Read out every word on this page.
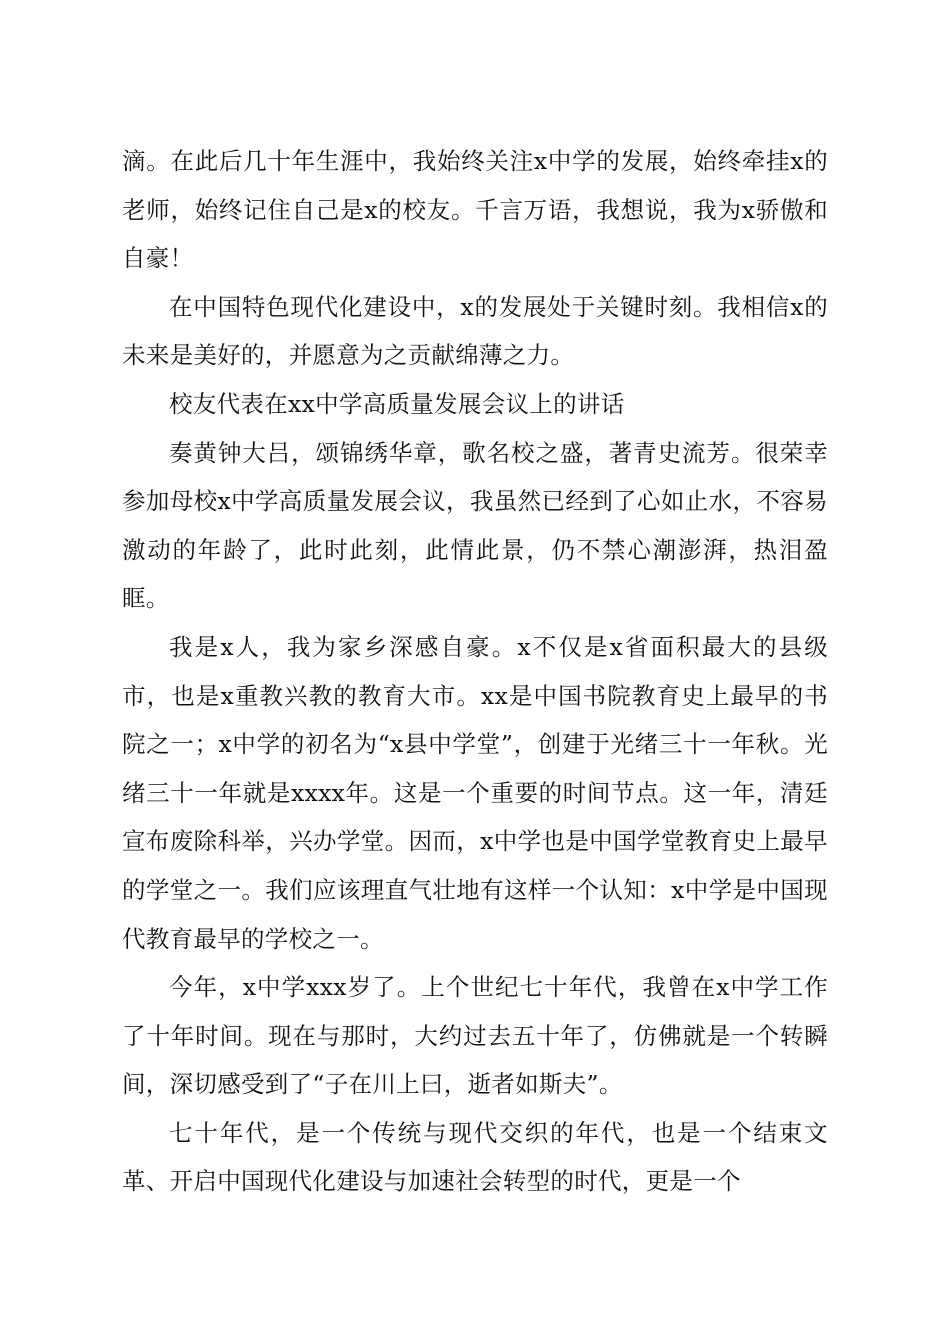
滴。在此后几十年生涯中，我始终关注x中学的发展，始终牵挂x的老师，始终记住自己是x的校友。千言万语，我想说，我为x骄傲和自豪！

在中国特色现代化建设中，x的发展处于关键时刻。我相信x的未来是美好的，并愿意为之贡献绵薄之力。

校友代表在xx中学高质量发展会议上的讲话

奏黄钟大吕，颂锦绣华章，歌名校之盛，著青史流芳。很荣幸参加母校x中学高质量发展会议，我虽然已经到了心如止水，不容易激动的年龄了，此时此刻，此情此景，仍不禁心潮澎湃，热泪盈眶。

我是x人，我为家乡深感自豪。x不仅是x省面积最大的县级市，也是x重教兴教的教育大市。xx是中国书院教育史上最早的书院之一；x中学的初名为“x县中学堂”，创建于光绪三十一年秋。光绪三十一年就是xxxx年。这是一个重要的时间节点。这一年，清廷宣布废除科举，兴办学堂。因而，x中学也是中国学堂教育史上最早的学堂之一。我们应该理直气壮地有这样一个认知：x中学是中国现代教育最早的学校之一。

今年，x中学xxx岁了。上个世纪七十年代，我曾在x中学工作了十年时间。现在与那时，大约过去五十年了，仿佛就是一个转瞬间，深切感受到了“子在川上曰，逝者如斯夫”。

七十年代，是一个传统与现代交织的年代，也是一个结束文革、开启中国现代化建设与加速社会转型的时代，更是一个
